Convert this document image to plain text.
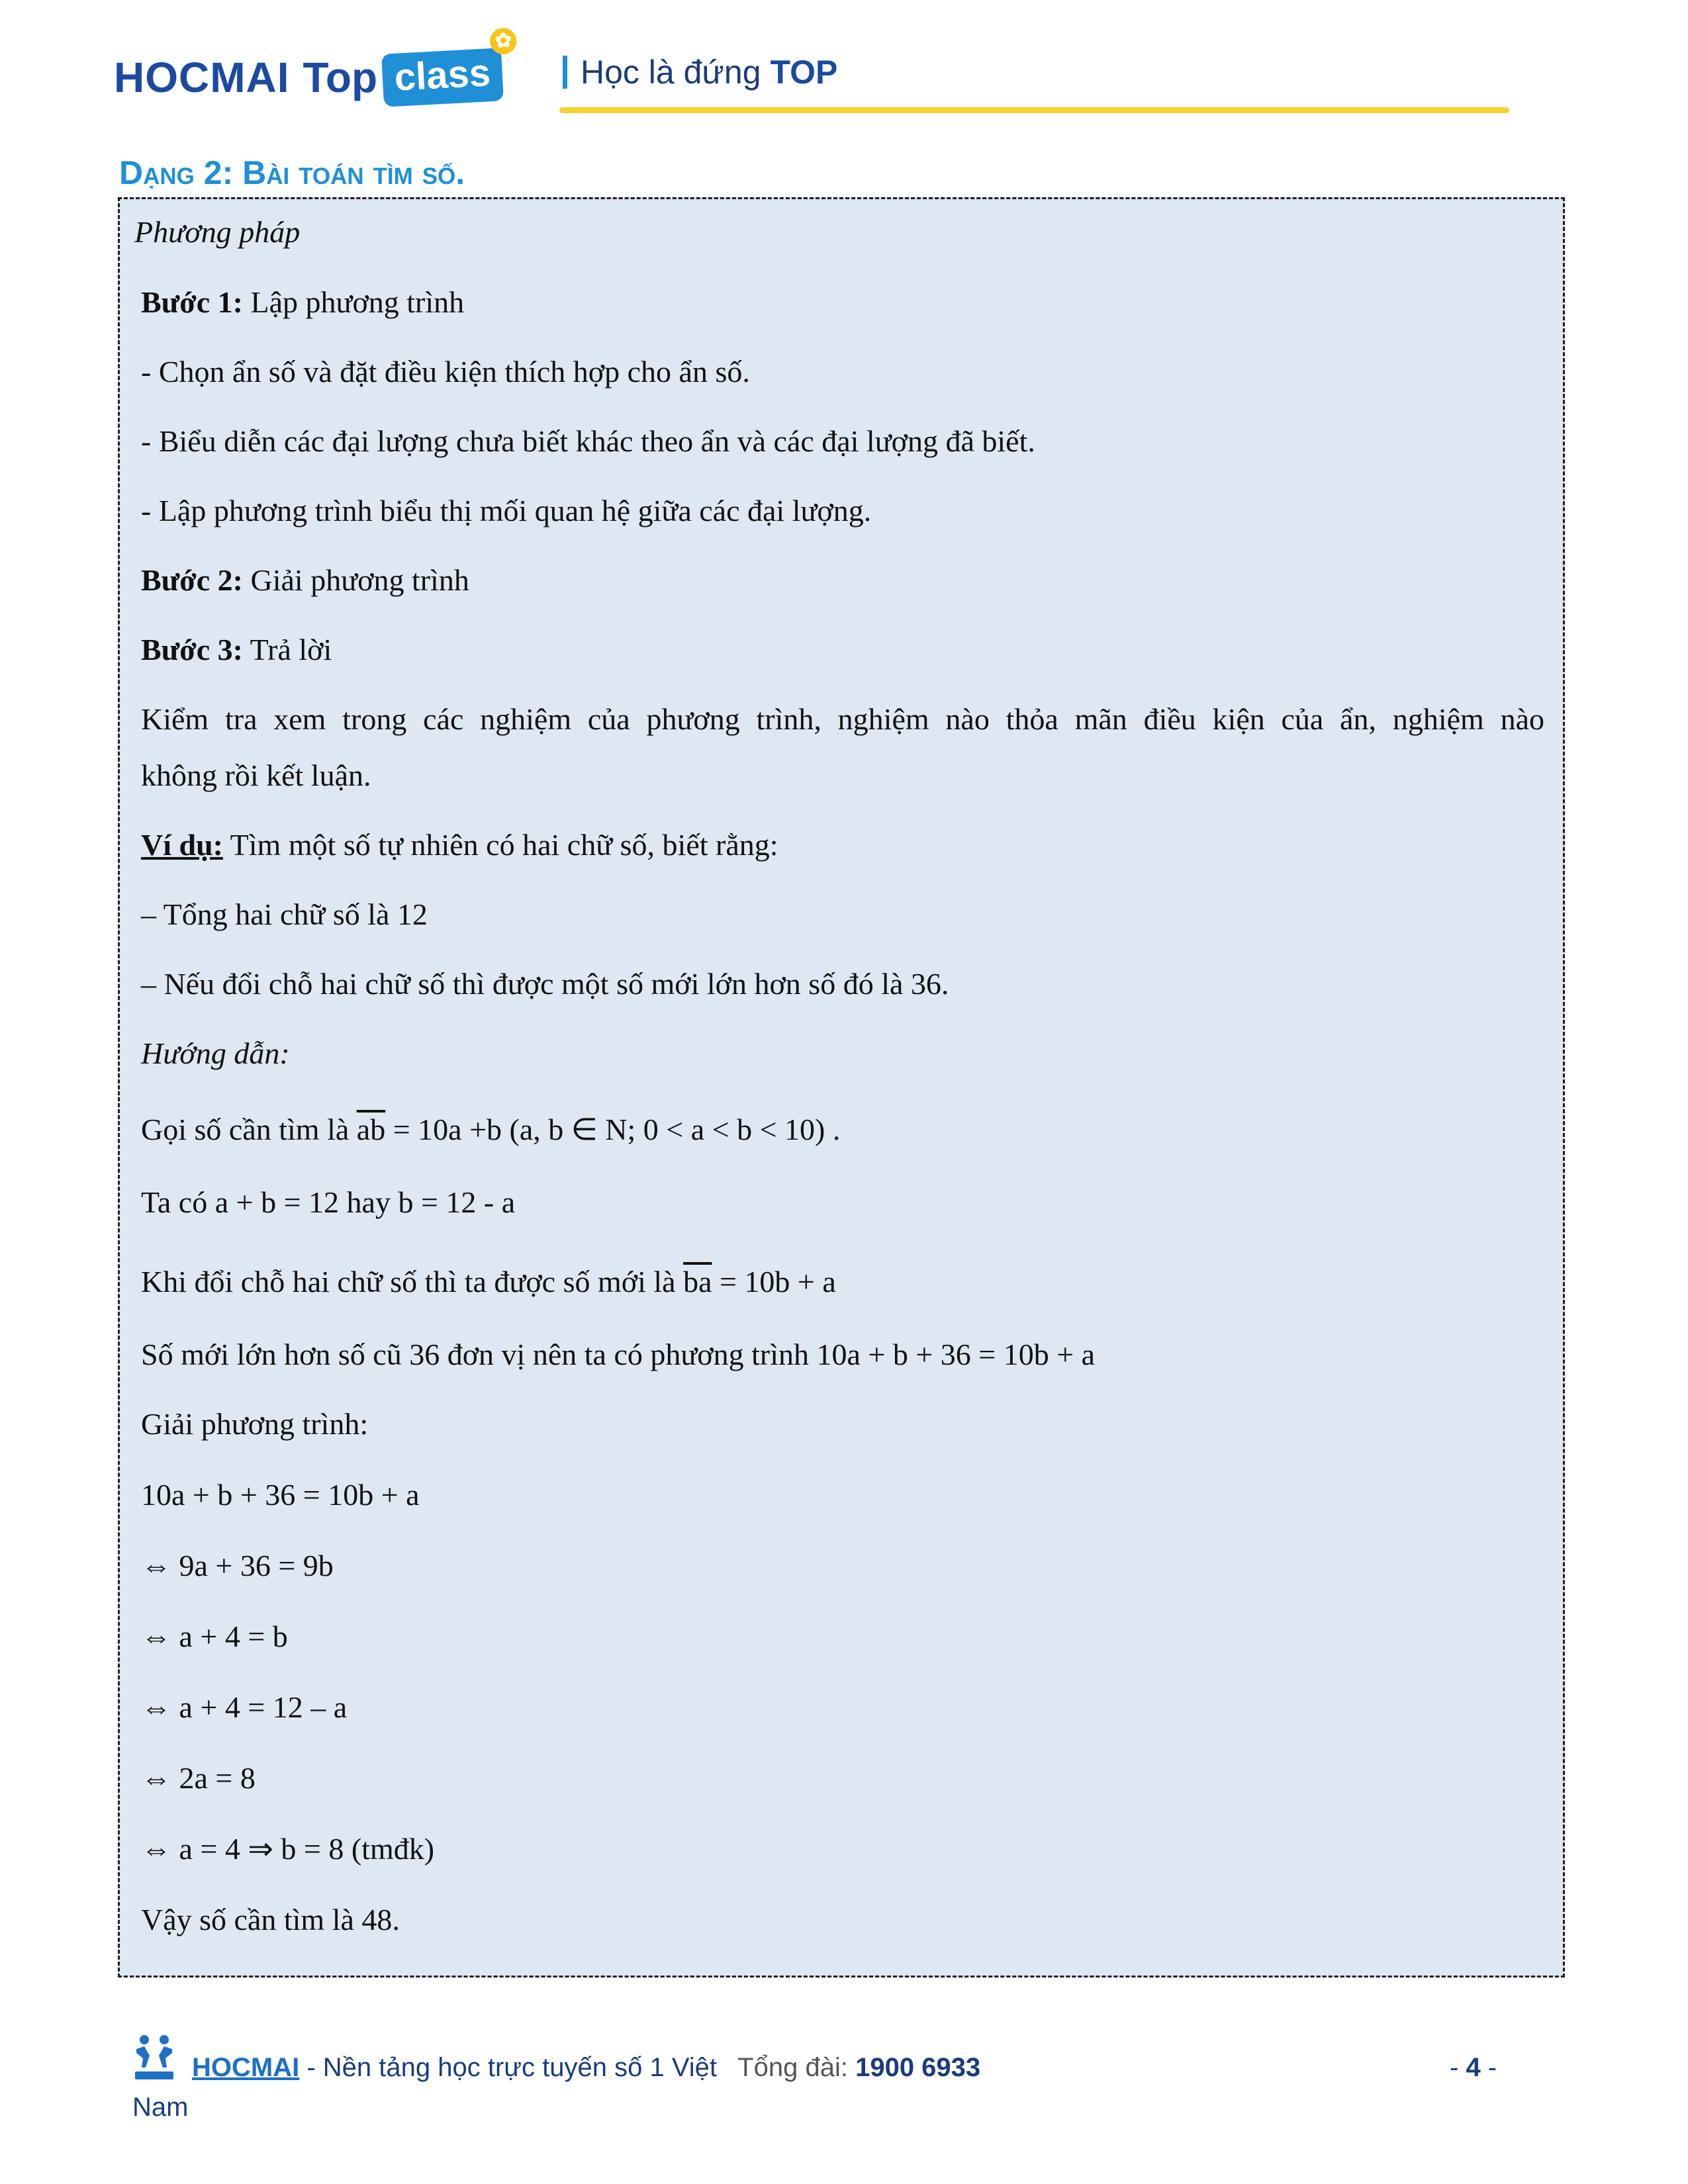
HOCMAI Top class
✿
Học là đứng TOP
Dạng 2: Bài toán tìm số.
Phương pháp
Bước 1: Lập phương trình
- Chọn ẩn số và đặt điều kiện thích hợp cho ẩn số.
- Biểu diễn các đại lượng chưa biết khác theo ẩn và các đại lượng đã biết.
- Lập phương trình biểu thị mối quan hệ giữa các đại lượng.
Bước 2: Giải phương trình
Bước 3: Trả lời
Kiểm tra xem trong các nghiệm của phương trình, nghiệm nào thỏa mãn điều kiện của ẩn, nghiệm nào
không rồi kết luận.
Ví dụ: Tìm một số tự nhiên có hai chữ số, biết rằng:
– Tổng hai chữ số là 12
– Nếu đổi chỗ hai chữ số thì được một số mới lớn hơn số đó là 36.
Hướng dẫn:
Gọi số cần tìm là $\overline{ab} = 10a +b$ (a, b ∈ N; 0 < a < b < 10) .
Ta có a + b = 12 hay b = 12 - a
Khi đổi chỗ hai chữ số thì ta được số mới là $\overline{ba} = 10b + a$
Số mới lớn hơn số cũ 36 đơn vị nên ta có phương trình 10a + b + 36 = 10b + a
Giải phương trình:
10a + b + 36 = 10b + a
⇔ 9a + 36 = 9b
⇔ a + 4 = b
⇔ a + 4 = 12 – a
⇔ 2a = 8
⇔ a = 4 ⇒ b = 8 (tmđk)
Vậy số cần tìm là 48.
HOCMAI - Nền tảng học trực tuyến số 1 Việt Tổng đài: 1900 6933
Nam
- 4 -
